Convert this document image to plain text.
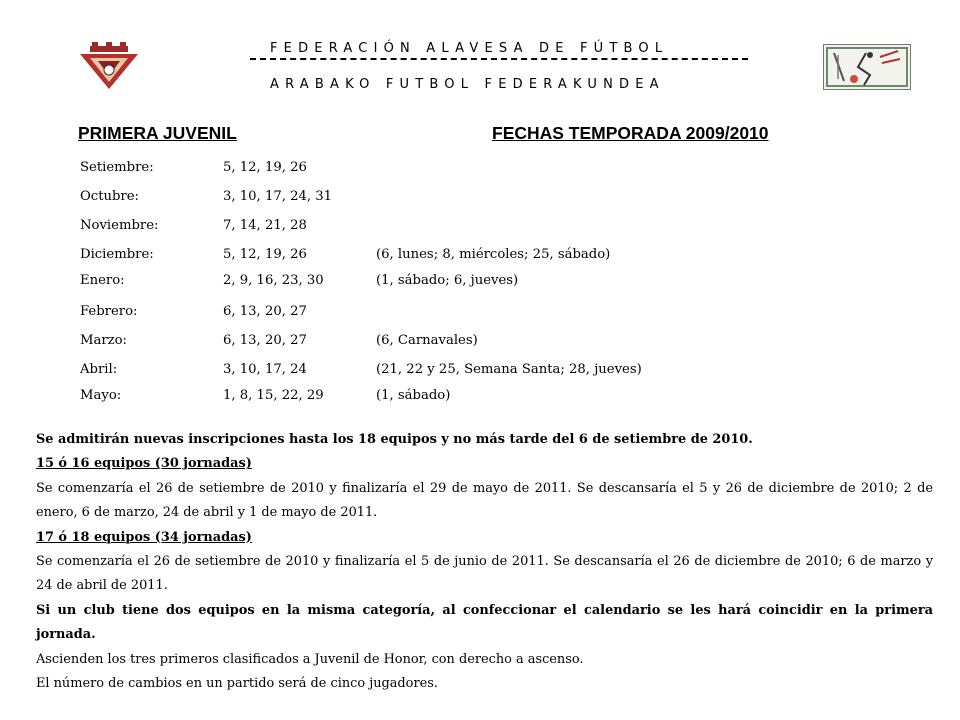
FEDERACIÓN ALAVESA DE FÚTBOL
ARABAKO FUTBOL FEDERAKUNDEA
PRIMERA JUVENIL	FECHAS TEMPORADA 2009/2010
Setiembre:	5, 12, 19, 26
Octubre:	3, 10, 17, 24, 31
Noviembre:	7, 14, 21, 28
Diciembre:	5, 12, 19, 26	(6, lunes; 8, miércoles; 25, sábado)
Enero:	2, 9, 16, 23, 30	(1, sábado; 6, jueves)
Febrero:	6, 13, 20, 27
Marzo:	6, 13, 20, 27	(6, Carnavales)
Abril:	3, 10, 17, 24	(21, 22 y 25, Semana Santa; 28, jueves)
Mayo:	1, 8, 15, 22, 29	(1, sábado)

Se admitirán nuevas inscripciones hasta los 18 equipos y no más tarde del 6 de setiembre de 2010.

15 ó 16 equipos (30 jornadas)

Se comenzaría el 26 de setiembre de 2010 y finalizaría el 29 de mayo de 2011. Se descansaría el 5 y 26 de diciembre de 2010; 2 de enero, 6 de marzo, 24 de abril y 1 de mayo de 2011.

17 ó 18 equipos (34 jornadas)

Se comenzaría el 26 de setiembre de 2010 y finalizaría el 5 de junio de 2011. Se descansaría el 26 de diciembre de 2010; 6 de marzo y 24 de abril de 2011.

Si un club tiene dos equipos en la misma categoría, al confeccionar el calendario se les hará coincidir en la primera jornada.

Ascienden los tres primeros clasificados a Juvenil de Honor, con derecho a ascenso.

El número de cambios en un partido será de cinco jugadores.
